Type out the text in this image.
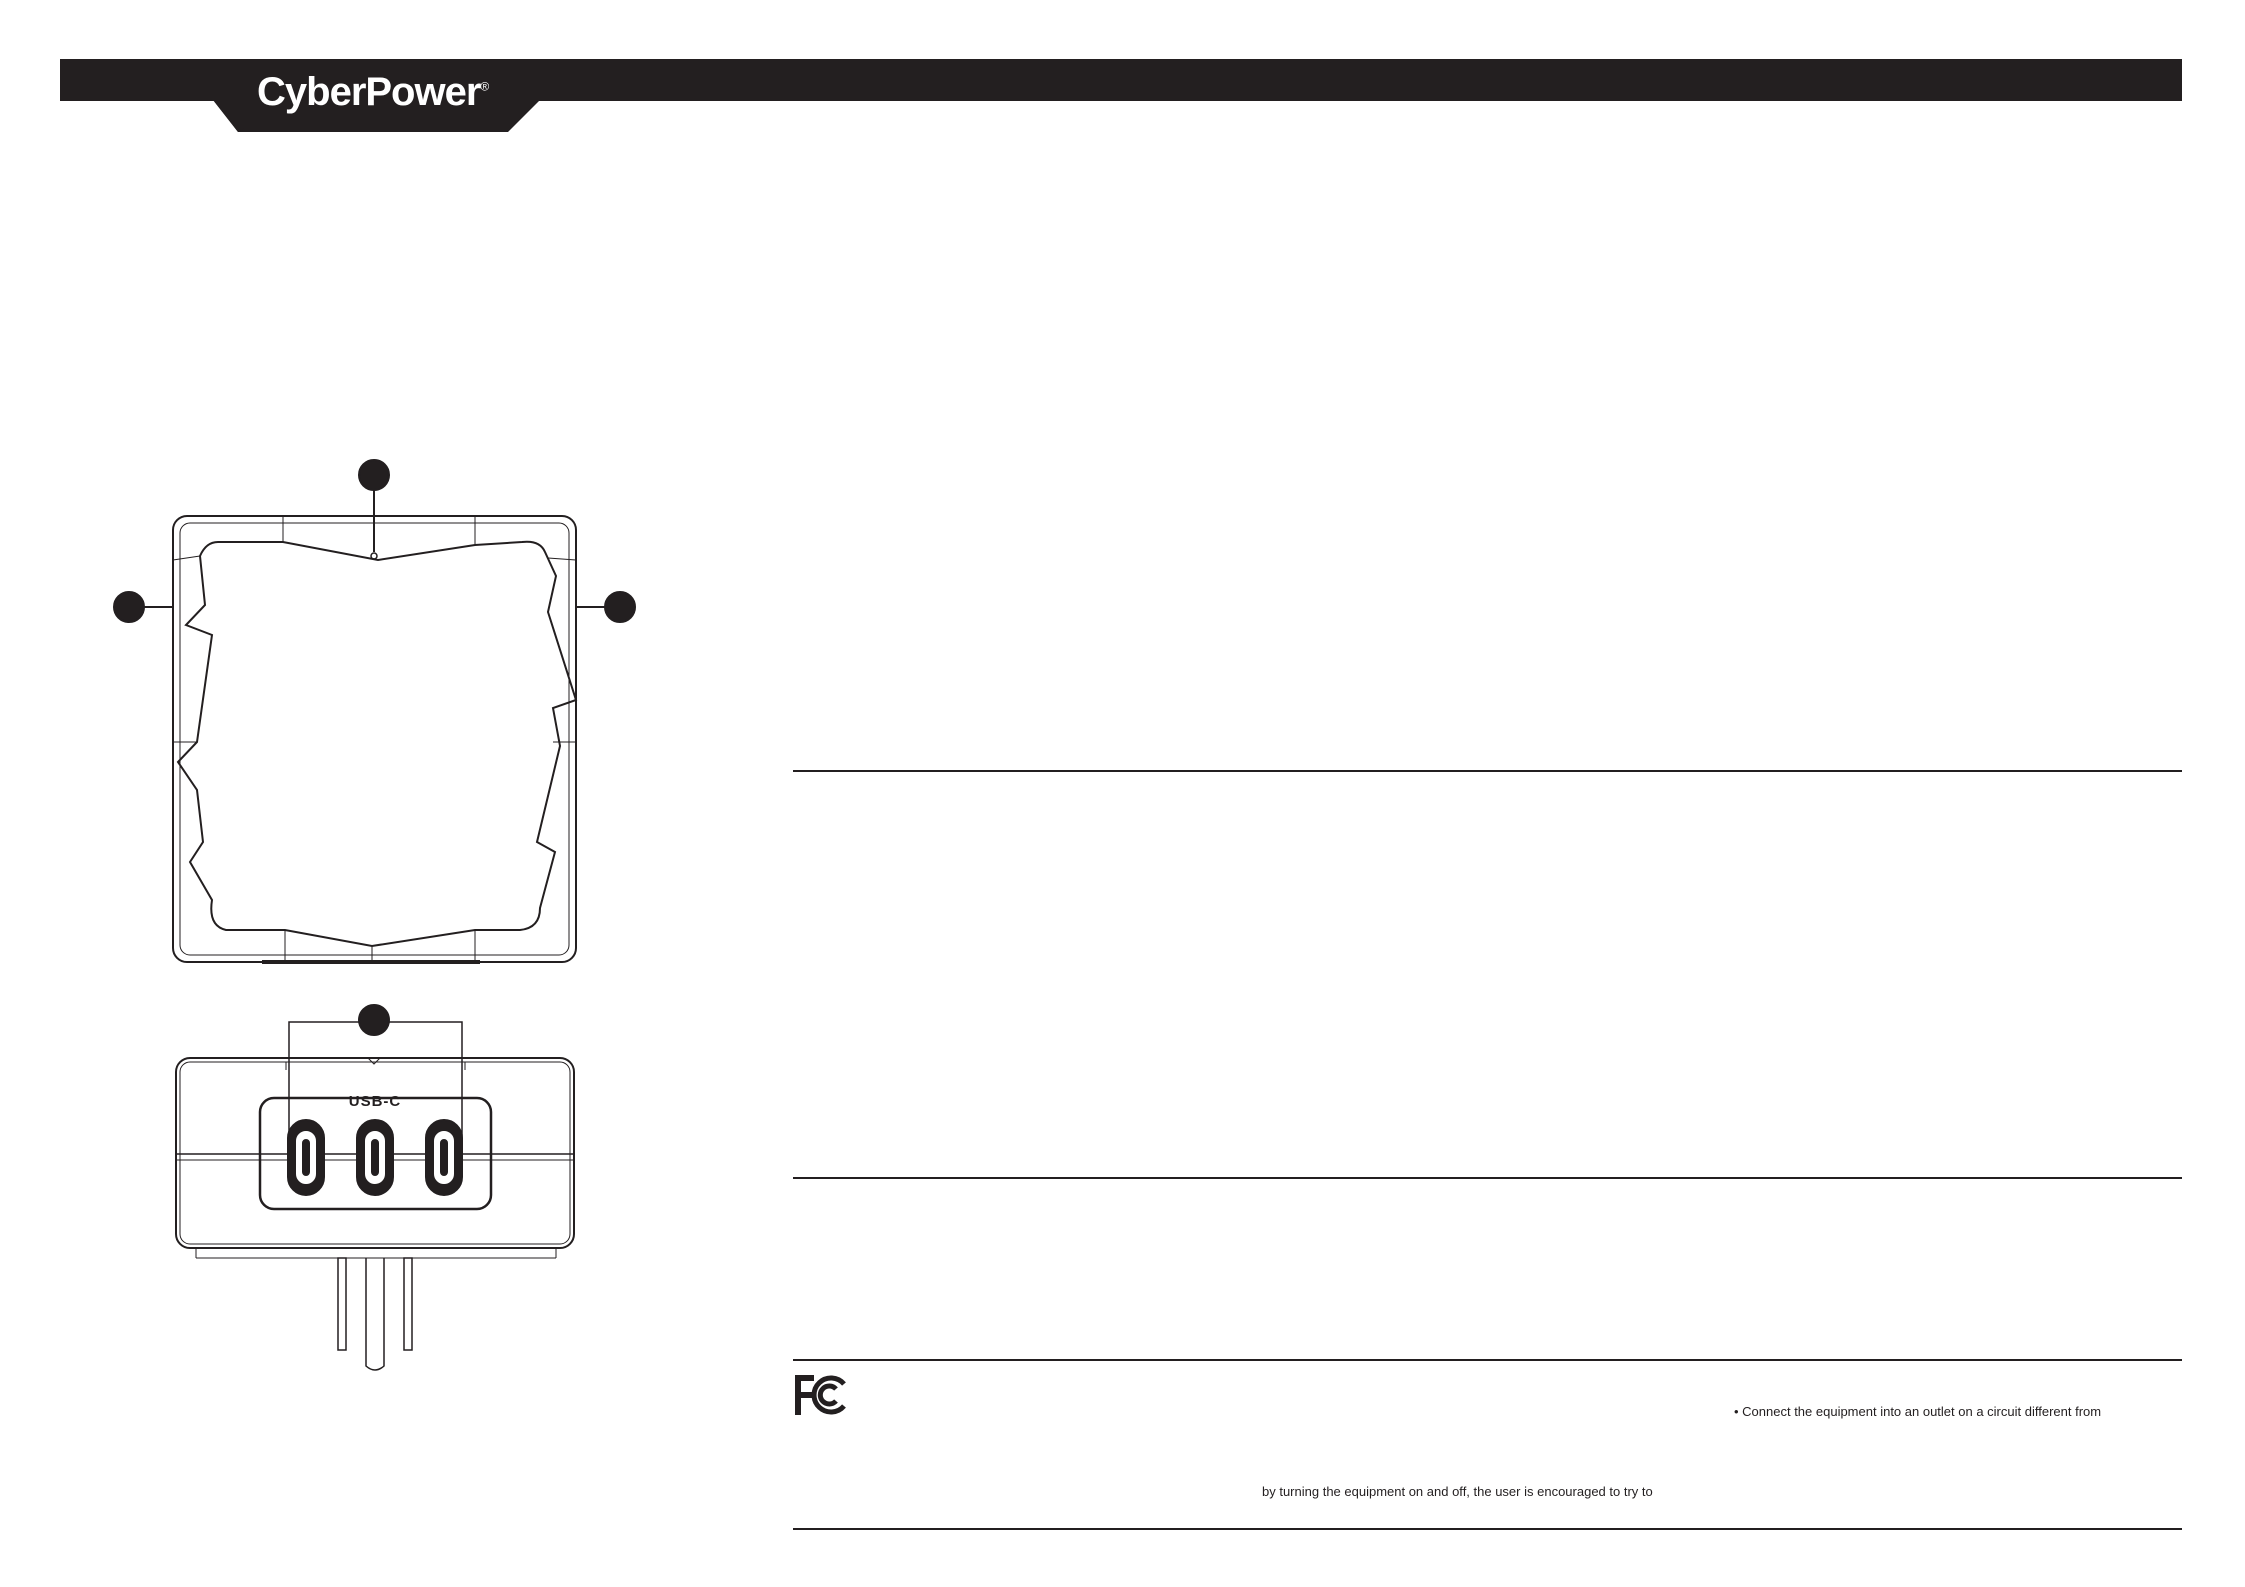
CyberPower®
USB-C
• Connect the equipment into an outlet on a circuit different from
by turning the equipment on and off, the user is encouraged to try to
